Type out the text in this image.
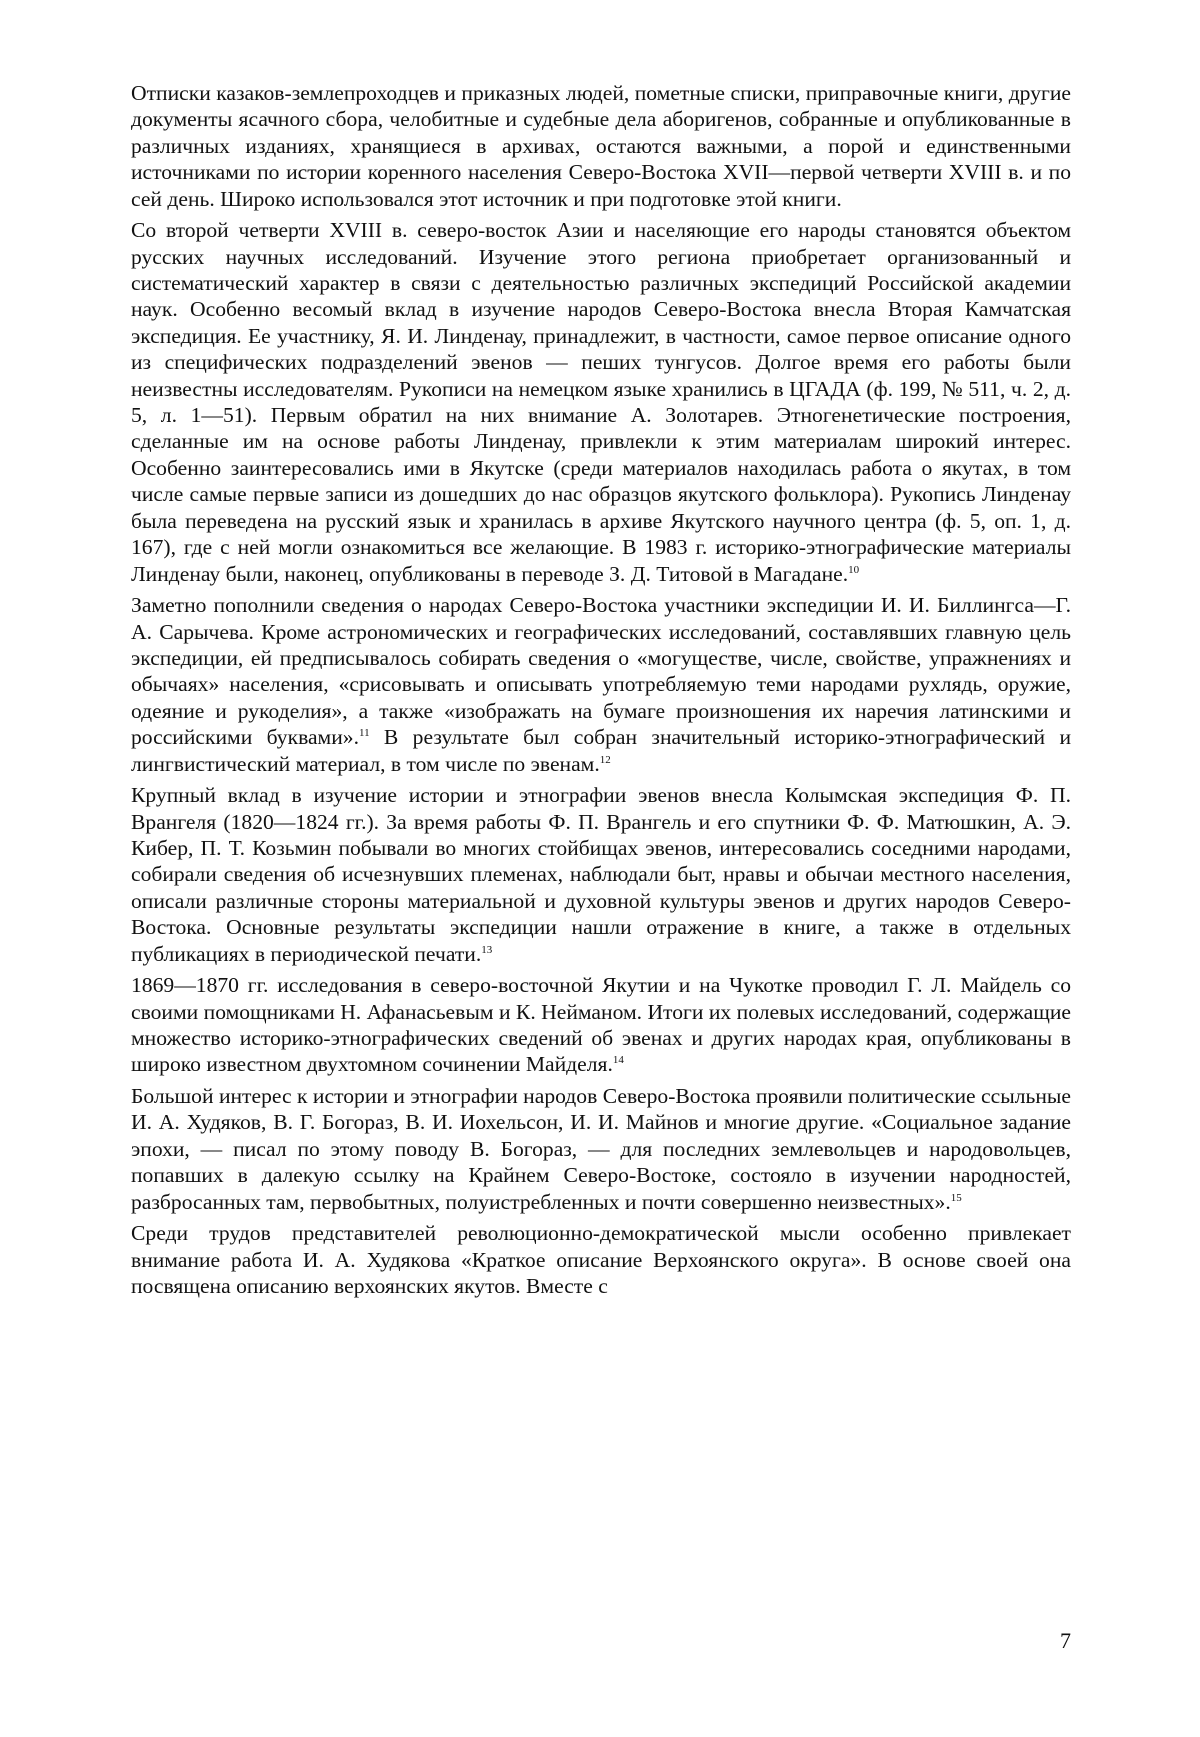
Отписки казаков-землепроходцев и приказных людей, пометные списки, приправочные книги, другие документы ясачного сбора, челобитные и судебные дела аборигенов, собранные и опубликованные в различных изданиях, хранящиеся в архивах, остаются важными, а порой и единственными источниками по истории коренного населения Северо-Востока XVII—первой четверти XVIII в. и по сей день. Широко использовался этот источник и при подготовке этой книги.

Со второй четверти XVIII в. северо-восток Азии и населяющие его народы становятся объектом русских научных исследований. Изучение этого региона приобретает организованный и систематический характер в связи с деятельностью различных экспедиций Российской академии наук. Особенно весомый вклад в изучение народов Северо-Востока внесла Вторая Камчатская экспедиция. Ее участнику, Я. И. Линденау, принадлежит, в частности, самое первое описание одного из специфических подразделений эвенов — пеших тунгусов. Долгое время его работы были неизвестны исследователям. Рукописи на немецком языке хранились в ЦГАДА (ф. 199, № 511, ч. 2, д. 5, л. 1—51). Первым обратил на них внимание А. Золотарев. Этногенетические построения, сделанные им на основе работы Линденау, привлекли к этим материалам широкий интерес. Особенно заинтересовались ими в Якутске (среди материалов находилась работа о якутах, в том числе самые первые записи из дошедших до нас образцов якутского фольклора). Рукопись Линденау была переведена на русский язык и хранилась в архиве Якутского научного центра (ф. 5, оп. 1, д. 167), где с ней могли ознакомиться все желающие. В 1983 г. историко-этнографические материалы Линденау были, наконец, опубликованы в переводе З. Д. Титовой в Магадане.$^{10}$

Заметно пополнили сведения о народах Северо-Востока участники экспедиции И. И. Биллингса—Г. А. Сарычева. Кроме астрономических и географических исследований, составлявших главную цель экспедиции, ей предписывалось собирать сведения о «могуществе, числе, свойстве, упражнениях и обычаях» населения, «срисовывать и описывать употребляемую теми народами рухлядь, оружие, одеяние и рукоделия», а также «изображать на бумаге произношения их наречия латинскими и российскими буквами».$^{11}$ В результате был собран значительный историко-этнографический и лингвистический материал, в том числе по эвенам.$^{12}$

Крупный вклад в изучение истории и этнографии эвенов внесла Колымская экспедиция Ф. П. Врангеля (1820—1824 гг.). За время работы Ф. П. Врангель и его спутники Ф. Ф. Матюшкин, А. Э. Кибер, П. Т. Козьмин побывали во многих стойбищах эвенов, интересовались соседними народами, собирали сведения об исчезнувших племенах, наблюдали быт, нравы и обычаи местного населения, описали различные стороны материальной и духовной культуры эвенов и других народов Северо-Востока. Основные результаты экспедиции нашли отражение в книге, а также в отдельных публикациях в периодической печати.$^{13}$

1869—1870 гг. исследования в северо-восточной Якутии и на Чукотке проводил Г. Л. Майдель со своими помощниками Н. Афанасьевым и К. Нейманом. Итоги их полевых исследований, содержащие множество историко-этнографических сведений об эвенах и других народах края, опубликованы в широко известном двухтомном сочинении Майделя.$^{14}$

Большой интерес к истории и этнографии народов Северо-Востока проявили политические ссыльные И. А. Худяков, В. Г. Богораз, В. И. Иохельсон, И. И. Майнов и многие другие. «Социальное задание эпохи, — писал по этому поводу В. Богораз, — для последних землевольцев и народовольцев, попавших в далекую ссылку на Крайнем Северо-Востоке, состояло в изучении народностей, разбросанных там, первобытных, полуистребленных и почти совершенно неизвестных».$^{15}$

Среди трудов представителей революционно-демократической мысли особенно привлекает внимание работа И. А. Худякова «Краткое описание Верхоянского округа». В основе своей она посвящена описанию верхоянских якутов. Вместе с

7
